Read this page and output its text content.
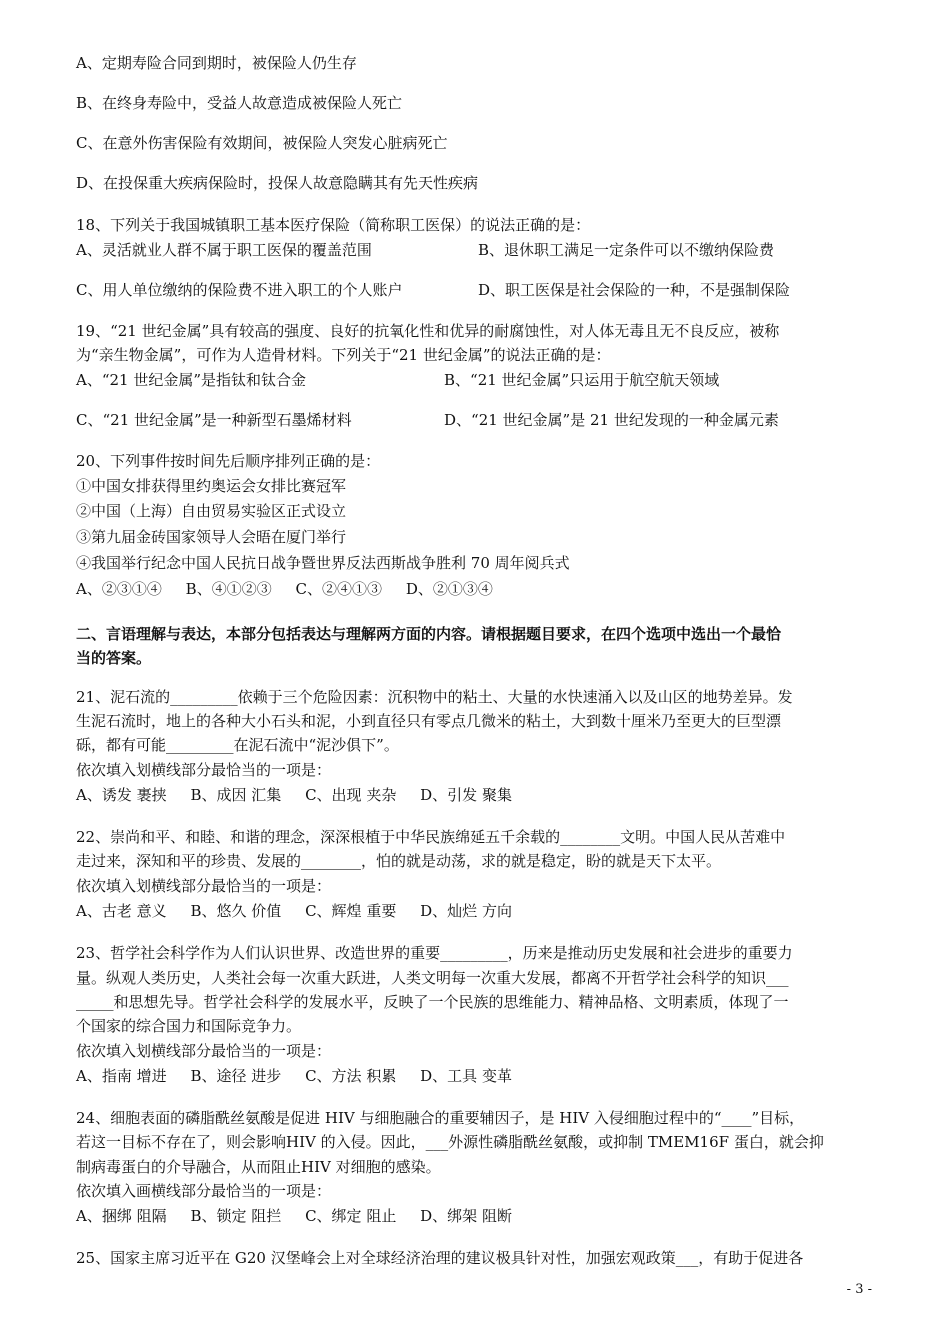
A、定期寿险合同到期时，被保险人仍生存
B、在终身寿险中，受益人故意造成被保险人死亡
C、在意外伤害保险有效期间，被保险人突发心脏病死亡
D、在投保重大疾病保险时，投保人故意隐瞒其有先天性疾病
18、下列关于我国城镇职工基本医疗保险（简称职工医保）的说法正确的是：
A、灵活就业人群不属于职工医保的覆盖范围	B、退休职工满足一定条件可以不缴纳保险费
C、用人单位缴纳的保险费不进入职工的个人账户	D、职工医保是社会保险的一种，不是强制保险
19、“21 世纪金属”具有较高的强度、良好的抗氧化性和优异的耐腐蚀性，对人体无毒且无不良反应，被称
为“亲生物金属”，可作为人造骨材料。下列关于“21 世纪金属”的说法正确的是：
A、“21 世纪金属”是指钛和钛合金	B、“21 世纪金属”只运用于航空航天领域
C、“21 世纪金属”是一种新型石墨烯材料	D、“21 世纪金属”是 21 世纪发现的一种金属元素
20、下列事件按时间先后顺序排列正确的是：
①中国女排获得里约奥运会女排比赛冠军
②中国（上海）自由贸易实验区正式设立
③第九届金砖国家领导人会晤在厦门举行
④我国举行纪念中国人民抗日战争暨世界反法西斯战争胜利 70 周年阅兵式
A、②③①④     B、④①②③     C、②④①③     D、②①③④
二、言语理解与表达，本部分包括表达与理解两方面的内容。请根据题目要求，在四个选项中选出一个最恰
当的答案。
21、泥石流的_________依赖于三个危险因素：沉积物中的粘土、大量的水快速涌入以及山区的地势差异。发
生泥石流时，地上的各种大小石头和泥，小到直径只有零点几微米的粘土，大到数十厘米乃至更大的巨型漂
砾，都有可能_________在泥石流中“泥沙俱下”。
依次填入划横线部分最恰当的一项是：
A、诱发 裹挟     B、成因 汇集     C、出现 夹杂     D、引发 聚集
22、崇尚和平、和睦、和谐的理念，深深根植于中华民族绵延五千余载的________文明。中国人民从苦难中
走过来，深知和平的珍贵、发展的________，怕的就是动荡，求的就是稳定，盼的就是天下太平。
依次填入划横线部分最恰当的一项是：
A、古老 意义     B、悠久 价值     C、辉煌 重要     D、灿烂 方向
23、哲学社会科学作为人们认识世界、改造世界的重要_________，历来是推动历史发展和社会进步的重要力
量。纵观人类历史，人类社会每一次重大跃进，人类文明每一次重大发展，都离不开哲学社会科学的知识___
_____和思想先导。哲学社会科学的发展水平，反映了一个民族的思维能力、精神品格、文明素质，体现了一
个国家的综合国力和国际竞争力。
依次填入划横线部分最恰当的一项是：
A、指南 增进     B、途径 进步     C、方法 积累     D、工具 变革
24、细胞表面的磷脂酰丝氨酸是促进 HIV 与细胞融合的重要辅因子，是 HIV 入侵细胞过程中的“____”目标，
若这一目标不存在了，则会影响HIV 的入侵。因此，___外源性磷脂酰丝氨酸，或抑制 TMEM16F 蛋白，就会抑
制病毒蛋白的介导融合，从而阻止HIV 对细胞的感染。
依次填入画横线部分最恰当的一项是：
A、捆绑 阻隔     B、锁定 阻拦     C、绑定 阻止     D、绑架 阻断
25、国家主席习近平在 G20 汉堡峰会上对全球经济治理的建议极具针对性，加强宏观政策___，有助于促进各
- 3 -
